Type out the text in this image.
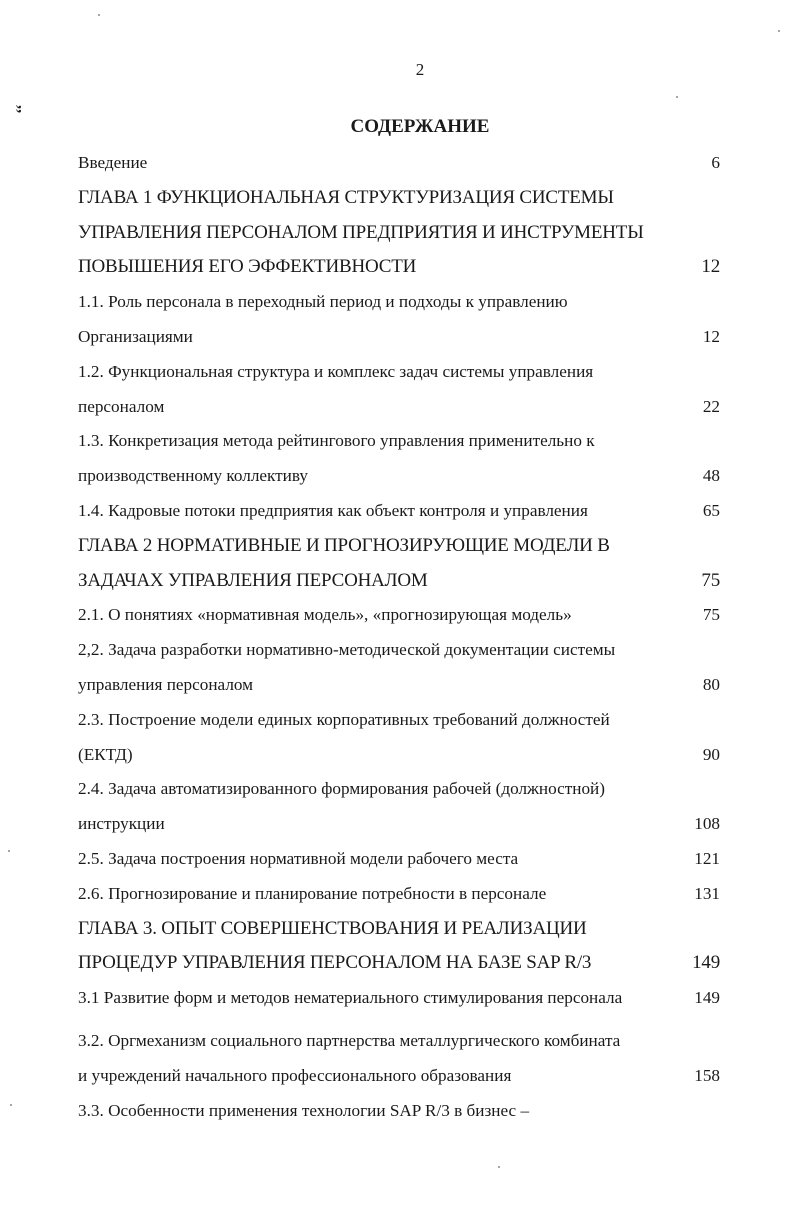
2
’’
СОДЕРЖАНИЕ
Введение	6
ГЛАВА 1 ФУНКЦИОНАЛЬНАЯ СТРУКТУРИЗАЦИЯ СИСТЕМЫ
УПРАВЛЕНИЯ ПЕРСОНАЛОМ ПРЕДПРИЯТИЯ И ИНСТРУМЕНТЫ
ПОВЫШЕНИЯ ЕГО ЭФФЕКТИВНОСТИ	12
1.1. Роль персонала в переходный период и подходы к управлению
Организациями	12
1.2. Функциональная структура и комплекс задач системы управления
персоналом	22
1.3. Конкретизация метода рейтингового управления применительно к
производственному коллективу	48
1.4. Кадровые потоки предприятия как объект контроля и управления	65
ГЛАВА 2 НОРМАТИВНЫЕ И ПРОГНОЗИРУЮЩИЕ МОДЕЛИ В
ЗАДАЧАХ УПРАВЛЕНИЯ ПЕРСОНАЛОМ	75
2.1. О понятиях «нормативная модель», «прогнозирующая модель»	75
2,2. Задача разработки нормативно-методической документации системы
управления персоналом	80
2.3. Построение модели единых корпоративных требований должностей
(ЕКТД)	90
2.4. Задача автоматизированного формирования рабочей (должностной)
инструкции	108
2.5. Задача построения нормативной модели рабочего места	121
2.6. Прогнозирование и планирование потребности в персонале	131
ГЛАВА 3. ОПЫТ СОВЕРШЕНСТВОВАНИЯ И РЕАЛИЗАЦИИ
ПРОЦЕДУР УПРАВЛЕНИЯ ПЕРСОНАЛОМ НА БАЗЕ SAP R/3	149
3.1 Развитие форм и методов нематериального стимулирования персонала	149
3.2. Оргмеханизм социального партнерства металлургического комбината
и учреждений начального профессионального образования	158
3.3. Особенности применения технологии SAP R/3 в бизнес –
